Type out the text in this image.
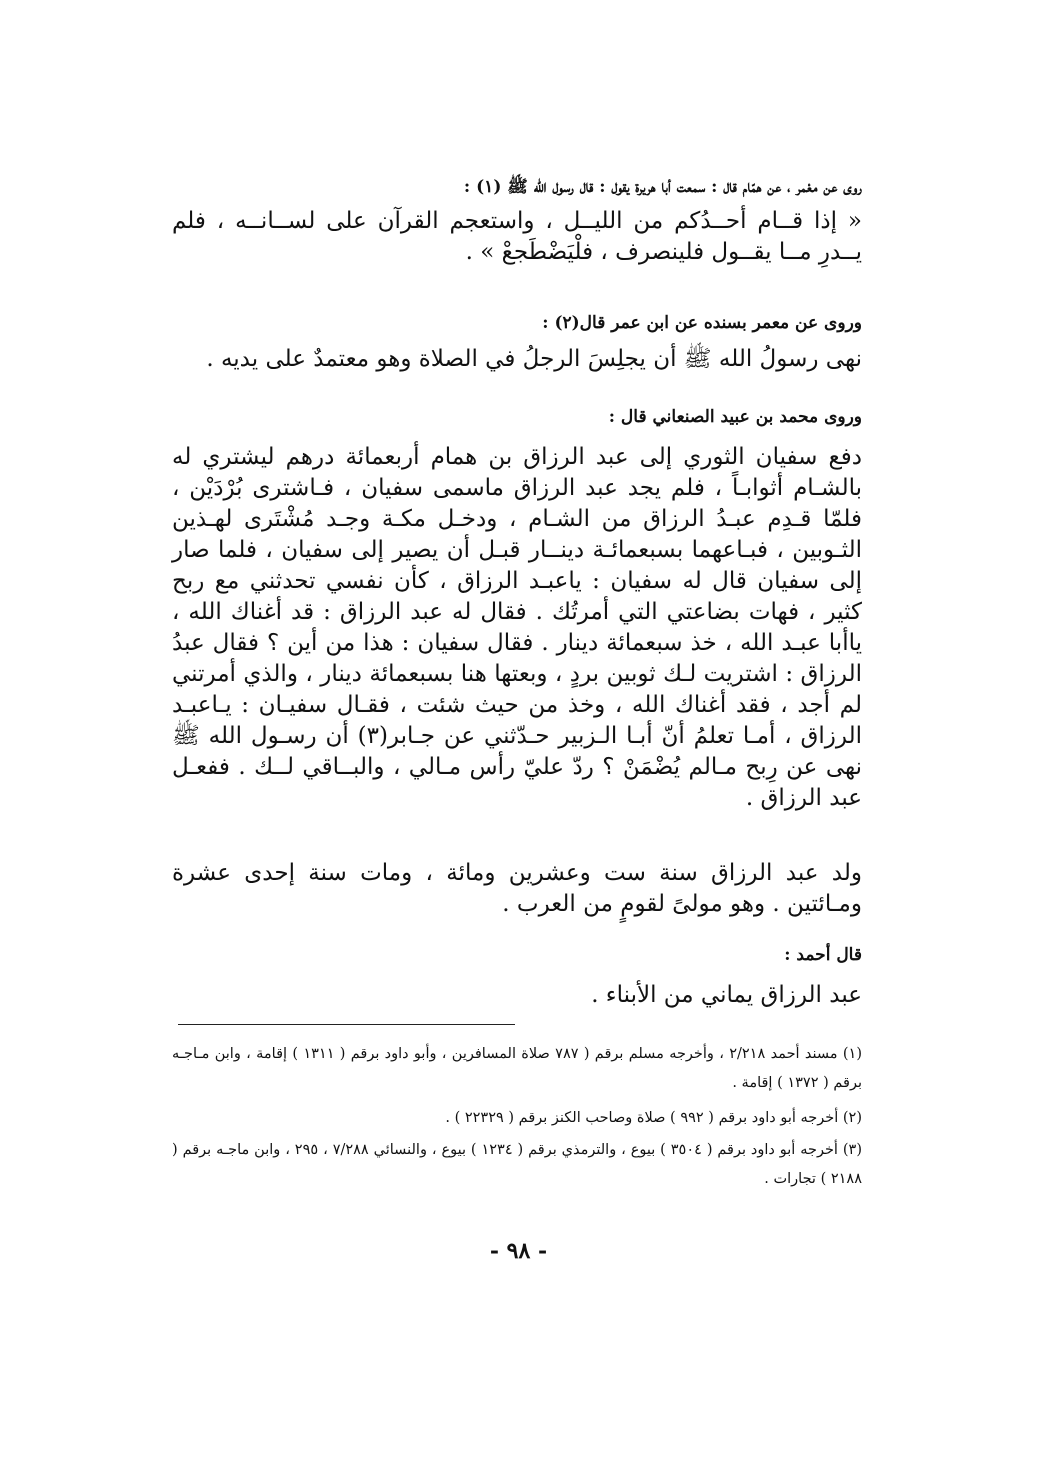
روى عن معْمر ، عن همّام قال : سمعت أبا هريرة يقول : قال رسول الله ﷺ (١) :
« إذا قــام أحــدُكم من الليــل ، واستعجم القرآن على لســانــه ، فلم يــدرِ مــا يقــول فلينصرف ، فلْيَضْطَجعْ » .
وروى عن معمر بسنده عن ابن عمر قال(٢) :
نهى رسولُ الله ﷺ أن يجلِسَ الرجلُ في الصلاة وهو معتمدٌ على يديه .
وروى محمد بن عبيد الصنعاني قال :
دفع سفيان الثوري إلى عبد الرزاق بن همام أربعمائة درهم ليشتري له بالشـام أثوابـاً ، فلم يجد عبد الرزاق ماسمى سفيان ، فـاشترى بُرْدَيْن ، فلمّا قـدِم عبـدُ الرزاق من الشـام ، ودخـل مكـة وجـد مُشْتَرى لهـذين الثـوبين ، فبـاعهما بسبعمائـة دينــار قبـل أن يصير إلى سفيان ، فلما صار إلى سفيان قال له سفيان : ياعبـد الرزاق ، كأن نفسي تحدثني مع ربح كثير ، فهات بضاعتي التي أمرتُك . فقال له عبد الرزاق : قد أغناك الله ، ياأبا عبـد الله ، خذ سبعمائة دينار . فقال سفيان : هذا من أين ؟ فقال عبدُ الرزاق : اشتريت لـك ثوبين بردٍ ، وبعتها هنا بسبعمائة دينار ، والذي أمرتني لم أجد ، فقد أغناك الله ، وخذ من حيث شئت ، فقـال سفيـان : يـاعبـد الرزاق ، أمـا تعلمُ أنّ أبـا الـزبير حـدّثني عن جـابر(٣) أن رسـول الله ﷺ نهى عن رِبح مـالم يُضْمَنْ ؟ ردّ عليّ رأس مـالي ، والبــاقي لــك . ففعـل عبد الرزاق .
ولد عبد الرزاق سنة ست وعشرين ومائة ، ومات سنة إحدى عشرة ومـائتين . وهو مولىً لقومٍ من العرب .
قال أحمد :
عبد الرزاق يماني من الأبناء .
(١) مسند أحمد ٢/٢١٨ ، وأخرجه مسلم برقم ( ٧٨٧ صلاة المسافرين ، وأبو داود برقم ( ١٣١١ ) إقامة ، وابن مـاجـه برقم ( ١٣٧٢ ) إقامة .
(٢) أخرجه أبو داود برقم ( ٩٩٢ ) صلاة وصاحب الكنز برقم ( ٢٢٣٢٩ ) .
(٣) أخرجه أبو داود برقم ( ٣٥٠٤ ) بيوع ، والترمذي برقم ( ١٢٣٤ ) بيوع ، والنسائي ٧/٢٨٨ ، ٢٩٥ ، وابن ماجـه برقم ( ٢١٨٨ ) تجارات .
- ٩٨ -
